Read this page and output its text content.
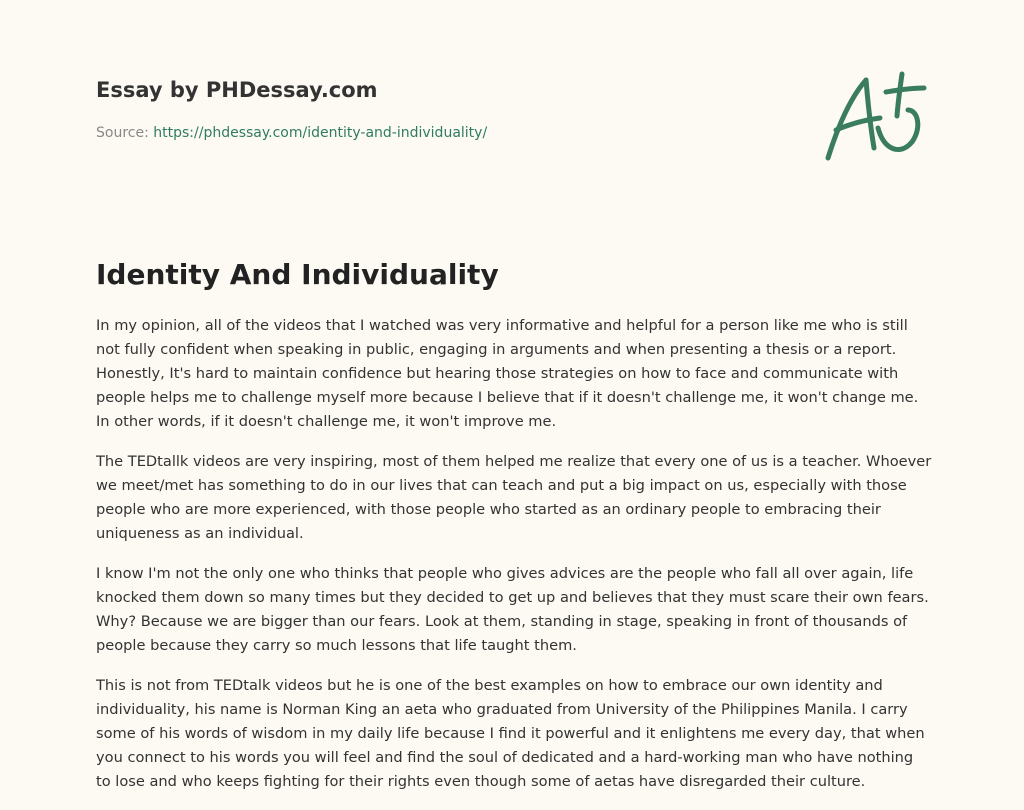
Essay by PHDessay.com
Source: https://phdessay.com/identity-and-individuality/
Identity And Individuality

In my opinion, all of the videos that I watched was very informative and helpful for a person like me who is still not fully confident when speaking in public, engaging in arguments and when presenting a thesis or a report. Honestly, It's hard to maintain confidence but hearing those strategies on how to face and communicate with people helps me to challenge myself more because I believe that if it doesn't challenge me, it won't change me. In other words, if it doesn't challenge me, it won't improve me.

The TEDtallk videos are very inspiring, most of them helped me realize that every one of us is a teacher. Whoever we meet/met has something to do in our lives that can teach and put a big impact on us, especially with those people who are more experienced, with those people who started as an ordinary people to embracing their uniqueness as an individual.

I know I'm not the only one who thinks that people who gives advices are the people who fall all over again, life knocked them down so many times but they decided to get up and believes that they must scare their own fears. Why? Because we are bigger than our fears. Look at them, standing in stage, speaking in front of thousands of people because they carry so much lessons that life taught them.

This is not from TEDtalk videos but he is one of the best examples on how to embrace our own identity and individuality, his name is Norman King an aeta who graduated from University of the Philippines Manila. I carry some of his words of wisdom in my daily life because I find it powerful and it enlightens me every day, that when you connect to his words you will feel and find the soul of dedicated and a hard-working man who have nothing to lose and who keeps fighting for their rights even though some of aetas have disregarded their culture.
